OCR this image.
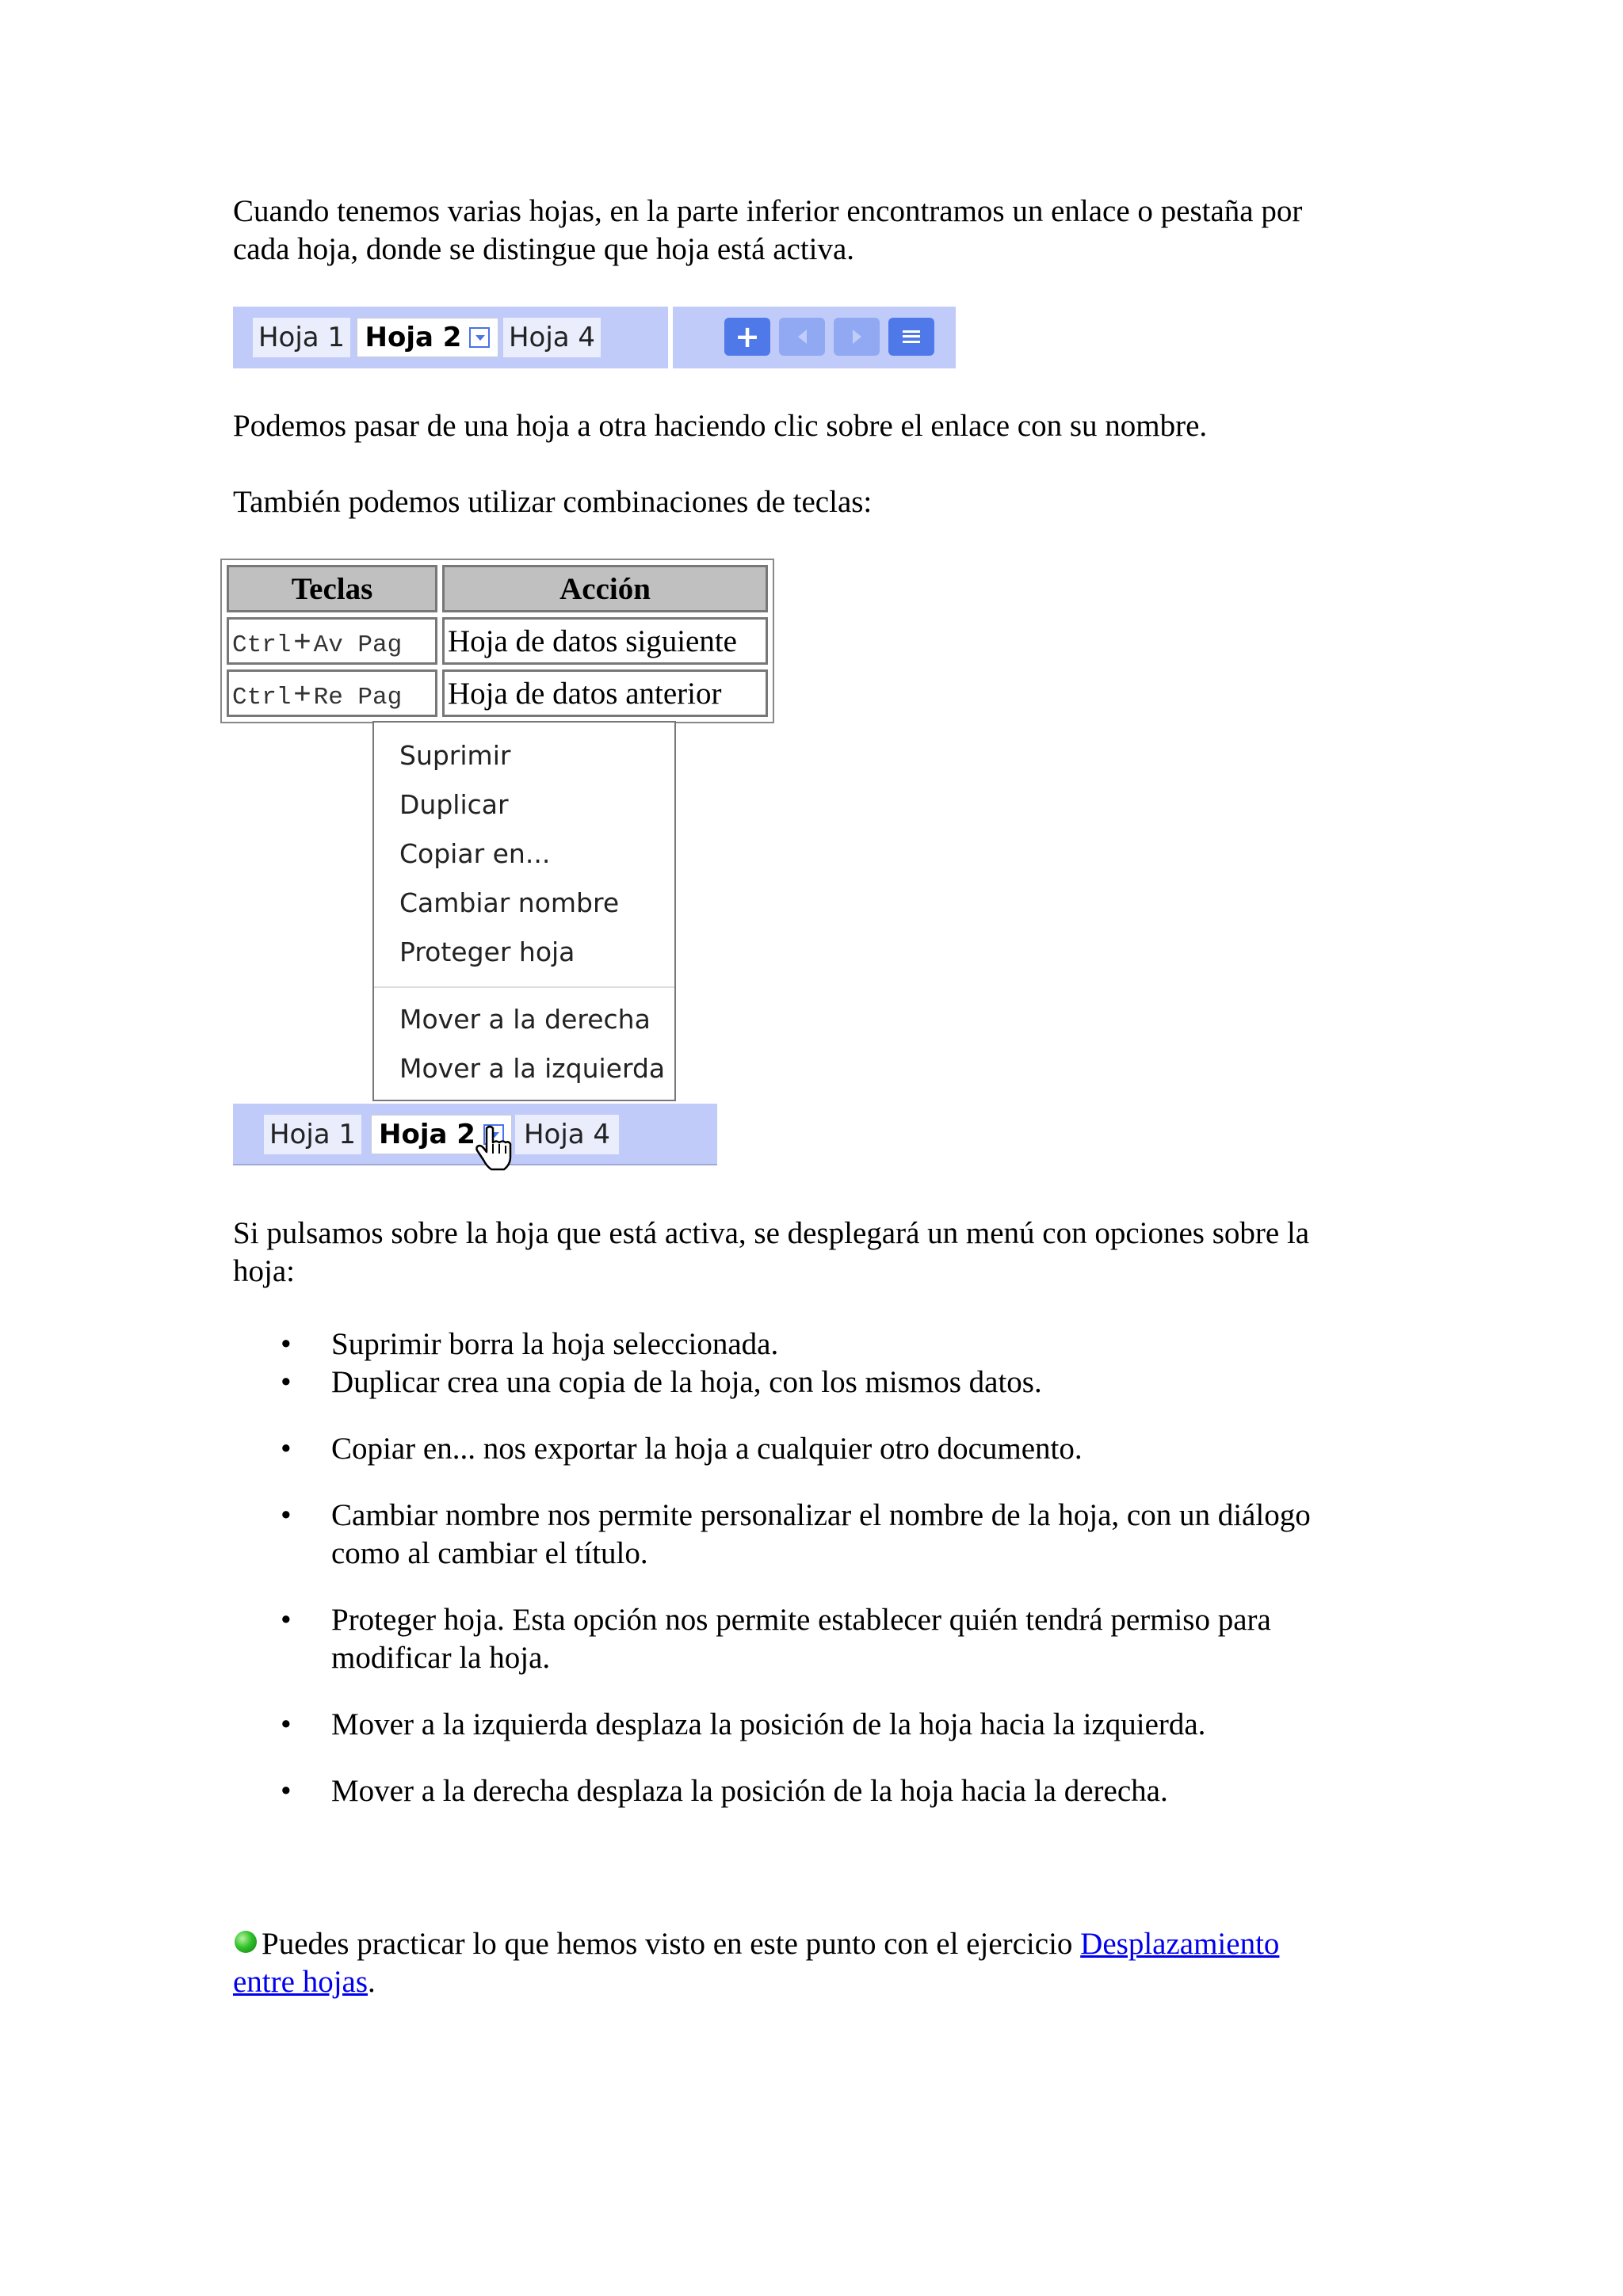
Cuando tenemos varias hojas, en la parte inferior encontramos un enlace o pestaña por
cada hoja, donde se distingue que hoja está activa.

Hoja 1 Hoja 2 Hoja 4	+

Podemos pasar de una hoja a otra haciendo clic sobre el enlace con su nombre.

También podemos utilizar combinaciones de teclas:

Teclas	Acción
Ctrl+Av Pag	Hoja de datos siguiente
Ctrl+Re Pag	Hoja de datos anterior
Suprimir
Duplicar
Copiar en...
Cambiar nombre
Proteger hoja
Mover a la derecha
Mover a la izquierda
Hoja 1 Hoja 2 Hoja 4

Si pulsamos sobre la hoja que está activa, se desplegará un menú con opciones sobre la
hoja:

• Suprimir borra la hoja seleccionada.
• Duplicar crea una copia de la hoja, con los mismos datos.
• Copiar en... nos exportar la hoja a cualquier otro documento.
• Cambiar nombre nos permite personalizar el nombre de la hoja, con un diálogo
como al cambiar el título.
• Proteger hoja. Esta opción nos permite establecer quién tendrá permiso para
modificar la hoja.
• Mover a la izquierda desplaza la posición de la hoja hacia la izquierda.
• Mover a la derecha desplaza la posición de la hoja hacia la derecha.

Puedes practicar lo que hemos visto en este punto con el ejercicio Desplazamiento
entre hojas.
